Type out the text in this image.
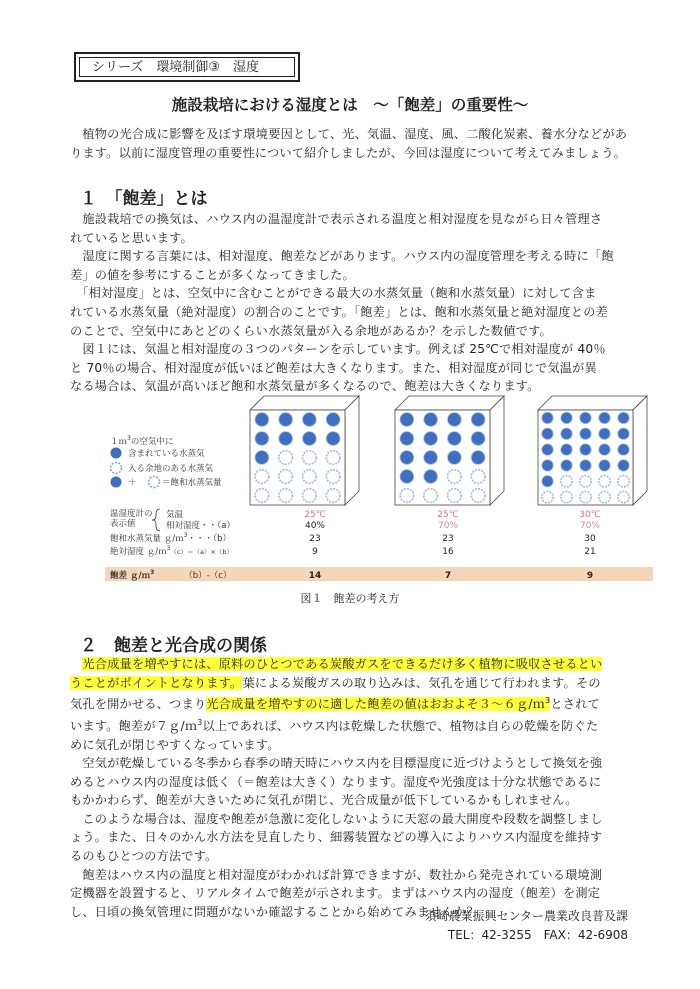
シリーズ　環境制御③　湿度
施設栽培における湿度とは　～「飽差」の重要性～
　植物の光合成に影響を及ぼす環境要因として、光、気温、湿度、風、二酸化炭素、養水分などがあ
ります。以前に湿度管理の重要性について紹介しましたが、今回は湿度について考えてみましょう。
１　「飽差」とは
　施設栽培での換気は、ハウス内の温湿度計で表示される温度と相対湿度を見ながら日々管理さ
れていると思います。
　湿度に関する言葉には、相対湿度、飽差などがあります。ハウス内の湿度管理を考える時に「飽
差」の値を参考にすることが多くなってきました。
　「相対湿度」とは、空気中に含むことができる最大の水蒸気量（飽和水蒸気量）に対して含ま
れている水蒸気量（絶対湿度）の割合のことです。「飽差」とは、飽和水蒸気量と絶対湿度との差
のことで、空気中にあとどのくらい水蒸気量が入る余地があるか？を示した数値です。
　図１には、気温と相対湿度の３つのパターンを示しています。例えば 25℃で相対湿度が 40％
と 70％の場合、相対湿度が低いほど飽差は大きくなります。また、相対湿度が同じで気温が異
なる場合は、気温が高いほど飽和水蒸気量が多くなるので、飽差は大きくなります。
１ｍ$^3$の空気中に
含まれている水蒸気
入る余地のある水蒸気
＋　　　＝飽和水蒸気量
温湿度計の
表示値
気温
相対湿度・・（a）
飽和水蒸気量 ｇ/ｍ$^3$・・・（b）
絶対湿度 ｇ/ｍ$^3_{(c)=(a)\times(b)}$
飽差 ｇ/ｍ$^3$	（b）-（c）
25℃
40%
23
9
14
25℃
70%
23
16
7
30℃
70%
30
21
9
図１　飽差の考え方
２　飽差と光合成の関係
　光合成量を増やすには、原料のひとつである炭酸ガスをできるだけ多く植物に吸収させるとい
うことがポイントとなります。葉による炭酸ガスの取り込みは、気孔を通じて行われます。その
気孔を開かせる、つまり光合成量を増やすのに適した飽差の値はおおよそ３～６ｇ/ｍ$^3$とされて
います。飽差が７ｇ/ｍ$^3$以上であれば、ハウス内は乾燥した状態で、植物は自らの乾燥を防ぐた
めに気孔が閉じやすくなっています。
　空気が乾燥している冬季から春季の晴天時にハウス内を目標湿度に近づけようとして換気を強
めるとハウス内の湿度は低く（＝飽差は大きく）なります。湿度や光強度は十分な状態であるに
もかかわらず、飽差が大きいために気孔が閉じ、光合成量が低下しているかもしれません。
　このような場合は、湿度や飽差が急激に変化しないように天窓の最大開度や段数を調整しまし
ょう。また、日々のかん水方法を見直したり、細霧装置などの導入によりハウス内湿度を維持す
るのもひとつの方法です。
　飽差はハウス内の温度と相対湿度がわかれば計算できますが、数社から発売されている環境測
定機器を設置すると、リアルタイムで飽差が示されます。まずはハウス内の湿度（飽差）を測定
し、日頃の換気管理に問題がないか確認することから始めてみませんか？
須崎農業振興センター農業改良普及課
TEL：42-3255　FAX：42-6908
